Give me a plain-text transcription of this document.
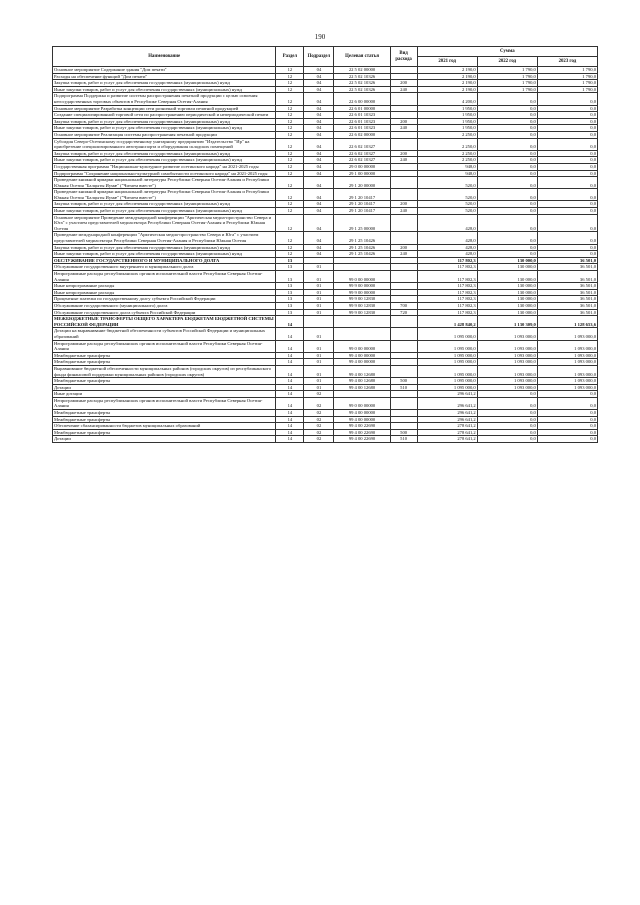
190
Наименование	Раздел	Подраздел	Целевая статья	Вид расхода	Сумма		
					2021 год	2022 год	2023 год
Основное мероприятие Содержание здания "Дом печати"	12	04	22 5 02 00000		2 190,0	1 790,0	1 790,0
Расходы на обеспечение функций "Дом печати"	12	04	22 5 02 10326		2 190,0	1 790,0	1 790,0
Закупка товаров, работ и услуг для обеспечения государственных (муниципальных) нужд	12	04	22 5 02 10326	200	2 190,0	1 790,0	1 790,0
Иные закупки товаров, работ и услуг для обеспечения государственных (муниципальных) нужд	12	04	22 5 02 10326	240	2 190,0	1 790,0	1 790,0
Подпрограмма Поддержка и развитие системы распространения печатной продукции с целью освоения негосударственных торговых объектов в Республике Северная Осетия-Алания	12	04	22 6 00 00000		4 200,0	0,0	0,0
Основное мероприятие Разработка концепции сети розничной торговли печатной продукцией	12	04	22 6 01 00000		1 950,0	0,0	0,0
Создание специализированной торговой сети по распространению периодической и непериодической печати	12	04	22 6 01 10323		1 950,0	0,0	0,0
Закупка товаров, работ и услуг для обеспечения государственных (муниципальных) нужд	12	04	22 6 01 10323	200	1 950,0	0,0	0,0
Иные закупки товаров, работ и услуг для обеспечения государственных (муниципальных) нужд	12	04	22 6 01 10323	240	1 950,0	0,0	0,0
Основное мероприятие Реализация системы распространения печатной продукции	12	04	22 6 02 00000		2 250,0	0,0	0,0
Субсидия Северо-Осетинскому государственному унитарному предприятию "Издательство "Ир" на приобретение специализированного автотранспорта и оборудования складских помещений	12	04	22 6 02 10327		2 250,0	0,0	0,0
Закупка товаров, работ и услуг для обеспечения государственных (муниципальных) нужд	12	04	22 6 02 10327	200	2 250,0	0,0	0,0
Иные закупки товаров, работ и услуг для обеспечения государственных (муниципальных) нужд	12	04	22 6 02 10327	240	2 250,0	0,0	0,0
Государственная программа "Национально-культурное развитие осетинского народа" на 2021-2025 годы	12	04	29 0 00 00000		948,0	0,0	0,0
Подпрограмма "Сохранение национально-культурной самобытности осетинского народа" на 2021-2025 годы	12	04	29 1 00 00000		948,0	0,0	0,0
Проведение книжной ярмарки национальной литературы Республики Северная Осетия-Алания и Республики Южная Осетия "Балцыты Иумæ" ("Читаем вместе")	12	04	29 1 20 00000		520,0	0,0	0,0
Проведение книжной ярмарки национальной литературы Республики Северная Осетия-Алания и Республики Южная Осетия "Балцыты Иумæ" ("Читаем вместе")	12	04	29 1 20 10417		520,0	0,0	0,0
Закупка товаров, работ и услуг для обеспечения государственных (муниципальных) нужд	12	04	29 1 20 10417	200	520,0	0,0	0,0
Иные закупки товаров, работ и услуг для обеспечения государственных (муниципальных) нужд	12	04	29 1 20 10417	240	520,0	0,0	0,0
Основное мероприятие Проведение международной конференции "Арктическая медиа-пространство Севера и Юга" с участием представителей медиасектора Республики Северная Осетия-Алания и Республики Южная Осетия	12	04	29 1 25 00000		428,0	0,0	0,0
Проведение международной конференции "Арктическая медиа-пространство Севера и Юга" с участием представителей медиасектора Республики Северная Осетия-Алания и Республики Южная Осетия	12	04	29 1 25 10426		428,0	0,0	0,0
Закупка товаров, работ и услуг для обеспечения государственных (муниципальных) нужд	12	04	29 1 25 10426	200	428,0	0,0	0,0
Иные закупки товаров, работ и услуг для обеспечения государственных (муниципальных) нужд	12	04	29 1 25 10426	240	428,0	0,0	0,0
ОБСЛУЖИВАНИЕ ГОСУДАРСТВЕННОГО И МУНИЦИПАЛЬНОГО ДОЛГА	13				117 802,3	130 000,0	36 501,0
Обслуживание государственного внутреннего и муниципального долга	13	01			117 802,3	130 000,0	36 501,0
Непрограммные расходы республиканских органов исполнительной власти Республики Северная Осетия-Алания	13	01	99 0 00 00000		117 802,3	130 000,0	36 501,0
Иные непрограммные расходы	13	01	99 9 00 00000		117 802,3	130 000,0	36 501,0
Иные непрограммные расходы	13	01	99 9 00 00000		117 802,3	130 000,0	36 501,0
Процентные платежи по государственному долгу субъекта Российской Федерации	13	01	99 9 00 12830		117 802,3	130 000,0	36 501,0
Обслуживание государственного (муниципального) долга	13	01	99 9 00 12830	700	117 802,3	130 000,0	36 501,0
Обслуживание государственного долга субъекта Российской Федерации	13	01	99 9 00 12830	720	117 802,3	130 000,0	36 501,0
МЕЖБЮДЖЕТНЫЕ ТРАНСФЕРТЫ ОБЩЕГО ХАРАКТЕРА БЮДЖЕТАМ БЮДЖЕТНОЙ СИСТЕМЫ РОССИЙСКОЙ ФЕДЕРАЦИИ	14				1 428 840,2	1 130 309,0	1 128 653,6
Дотации на выравнивание бюджетной обеспеченности субъектов Российской Федерации и муниципальных образований	14	01			1 095 000,0	1 093 000,0	1 093 000,0
Непрограммные расходы республиканских органов исполнительной власти Республики Северная Осетия-Алания	14	01	99 0 00 00000		1 095 000,0	1 093 000,0	1 093 000,0
Межбюджетные трансферты	14	01	99 4 00 00000		1 095 000,0	1 093 000,0	1 093 000,0
Межбюджетные трансферты	14	01	99 4 00 00000		1 095 000,0	1 093 000,0	1 093 000,0
Выравнивание бюджетной обеспеченности муниципальных районов (городских округов) из республиканского фонда финансовой поддержки муниципальных районов (городских округов)	14	01	99 4 00 12680		1 095 000,0	1 093 000,0	1 093 000,0
Межбюджетные трансферты	14	01	99 4 00 12680	500	1 095 000,0	1 093 000,0	1 093 000,0
Дотации	14	01	99 4 00 12680	510	1 095 000,0	1 093 000,0	1 093 000,0
Иные дотации	14	02			296 641,2	0,0	0,0
Непрограммные расходы республиканских органов исполнительной власти Республики Северная Осетия-Алания	14	02	99 0 00 00000		296 641,2	0,0	0,0
Межбюджетные трансферты	14	02	99 4 00 00000		296 641,2	0,0	0,0
Межбюджетные трансферты	14	02	99 4 00 00000		296 641,2	0,0	0,0
Обеспечение сбалансированности бюджетов муниципальных образований	14	02	99 4 00 22690		278 641,2	0,0	0,0
Межбюджетные трансферты	14	02	99 4 00 22690	500	278 641,2	0,0	0,0
Дотации	14	02	99 4 00 22690	510	278 641,2	0,0	0,0
